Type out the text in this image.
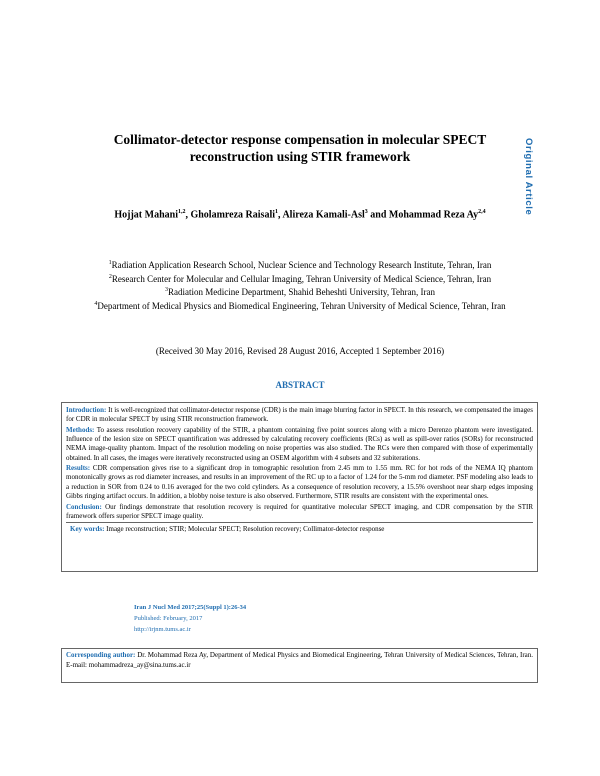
Original Article
Collimator-detector response compensation in molecular SPECT reconstruction using STIR framework
Hojjat Mahani$^{1,2}$, Gholamreza Raisali$^1$, Alireza Kamali-Asl$^3$ and Mohammad Reza Ay$^{2,4}$
$^1$Radiation Application Research School, Nuclear Science and Technology Research Institute, Tehran, Iran
$^2$Research Center for Molecular and Cellular Imaging, Tehran University of Medical Science, Tehran, Iran
$^3$Radiation Medicine Department, Shahid Beheshti University, Tehran, Iran
$^4$Department of Medical Physics and Biomedical Engineering, Tehran University of Medical Science, Tehran, Iran
(Received 30 May 2016, Revised 28 August 2016, Accepted 1 September 2016)
ABSTRACT

Introduction: It is well-recognized that collimator-detector response (CDR) is the main image blurring factor in SPECT. In this research, we compensated the images for CDR in molecular SPECT by using STIR reconstruction framework.

Methods: To assess resolution recovery capability of the STIR, a phantom containing five point sources along with a micro Derenzo phantom were investigated. Influence of the lesion size on SPECT quantification was addressed by calculating recovery coefficients (RCs) as well as spill-over ratios (SORs) for reconstructed NEMA image-quality phantom. Impact of the resolution modeling on noise properties was also studied. The RCs were then compared with those of experimentally obtained. In all cases, the images were iteratively reconstructed using an OSEM algorithm with 4 subsets and 32 subiterations.

Results: CDR compensation gives rise to a significant drop in tomographic resolution from 2.45 mm to 1.55 mm. RC for hot rods of the NEMA IQ phantom monotonically grows as rod diameter increases, and results in an improvement of the RC up to a factor of 1.24 for the 5-mm rod diameter. PSF modeling also leads to a reduction in SOR from 0.24 to 0.16 averaged for the two cold cylinders. As a consequence of resolution recovery, a 15.5% overshoot near sharp edges imposing Gibbs ringing artifact occurs. In addition, a blobby noise texture is also observed. Furthermore, STIR results are consistent with the experimental ones.

Conclusion: Our findings demonstrate that resolution recovery is required for quantitative molecular SPECT imaging, and CDR compensation by the STIR framework offers superior SPECT image quality.

Key words: Image reconstruction; STIR; Molecular SPECT; Resolution recovery; Collimator-detector response

Iran J Nucl Med 2017;25(Suppl 1):26-34
Published: February, 2017
http://irjnm.tums.ac.ir
Corresponding author: Dr. Mohammad Reza Ay, Department of Medical Physics and Biomedical Engineering, Tehran University of Medical Sciences, Tehran, Iran. E-mail: mohammadreza_ay@sina.tums.ac.ir
